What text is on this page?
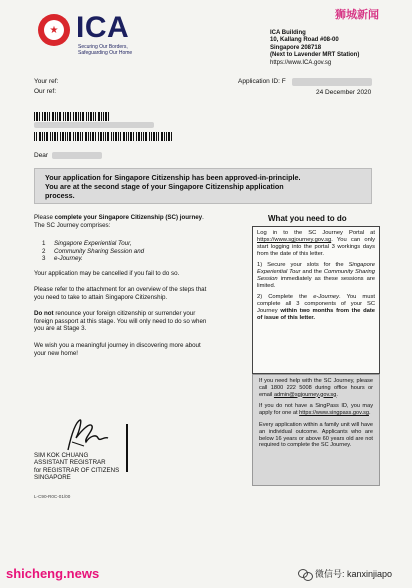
★ ICA
Securing Our Borders, Safeguarding Our Home
狮城新闻
ICA Building
10, Kallang Road #08-00
Singapore 208718
(Next to Lavender MRT Station)
https://www.ICA.gov.sg
Your ref:
Our ref:
Application ID: F
24 December 2020
Dear
Your application for Singapore Citizenship has been approved-in-principle.
You are at the second stage of your Singapore Citizenship application
process.
Please complete your Singapore Citizenship (SC) journey.
The SC Journey comprises:
1	Singapore Experiential Tour,
2	Community Sharing Session and
3	e-Journey.
Your application may be cancelled if you fail to do so.
Please refer to the attachment for an overview of the steps that
you need to take to attain Singapore Citizenship.
Do not renounce your foreign citizenship or surrender your
foreign passport at this stage. You will only need to do so when
you are at Stage 3.
We wish you a meaningful journey in discovering more about
your new home!
What you need to do

Log in to the SC Journey Portal at https://www.sgjourney.gov.sg. You can only start logging into the portal 3 workings days from the date of this letter.

1) Secure your slots for the Singapore Experiential Tour and the Community Sharing Session immediately as these sessions are limited.

2) Complete the e-Journey. You must complete all 3 components of your SC Journey within two months from the date of issue of this letter.

If you need help with the SC Journey, please call 1800 222 5008 during office hours or email admin@sgjourney.gov.sg.

If you do not have a SingPass ID, you may apply for one at https://www.singpass.gov.sg.

Every application within a family unit will have an individual outcome. Applicants who are below 16 years or above 60 years old are not required to complete the SC Journey.

SIM KOK CHUANG
ASSISTANT REGISTRAR
for REGISTRAR OF CITIZENS
SINGAPORE
L-C90-R0C-01/00
shicheng.news	微信号: kanxinjiapo
